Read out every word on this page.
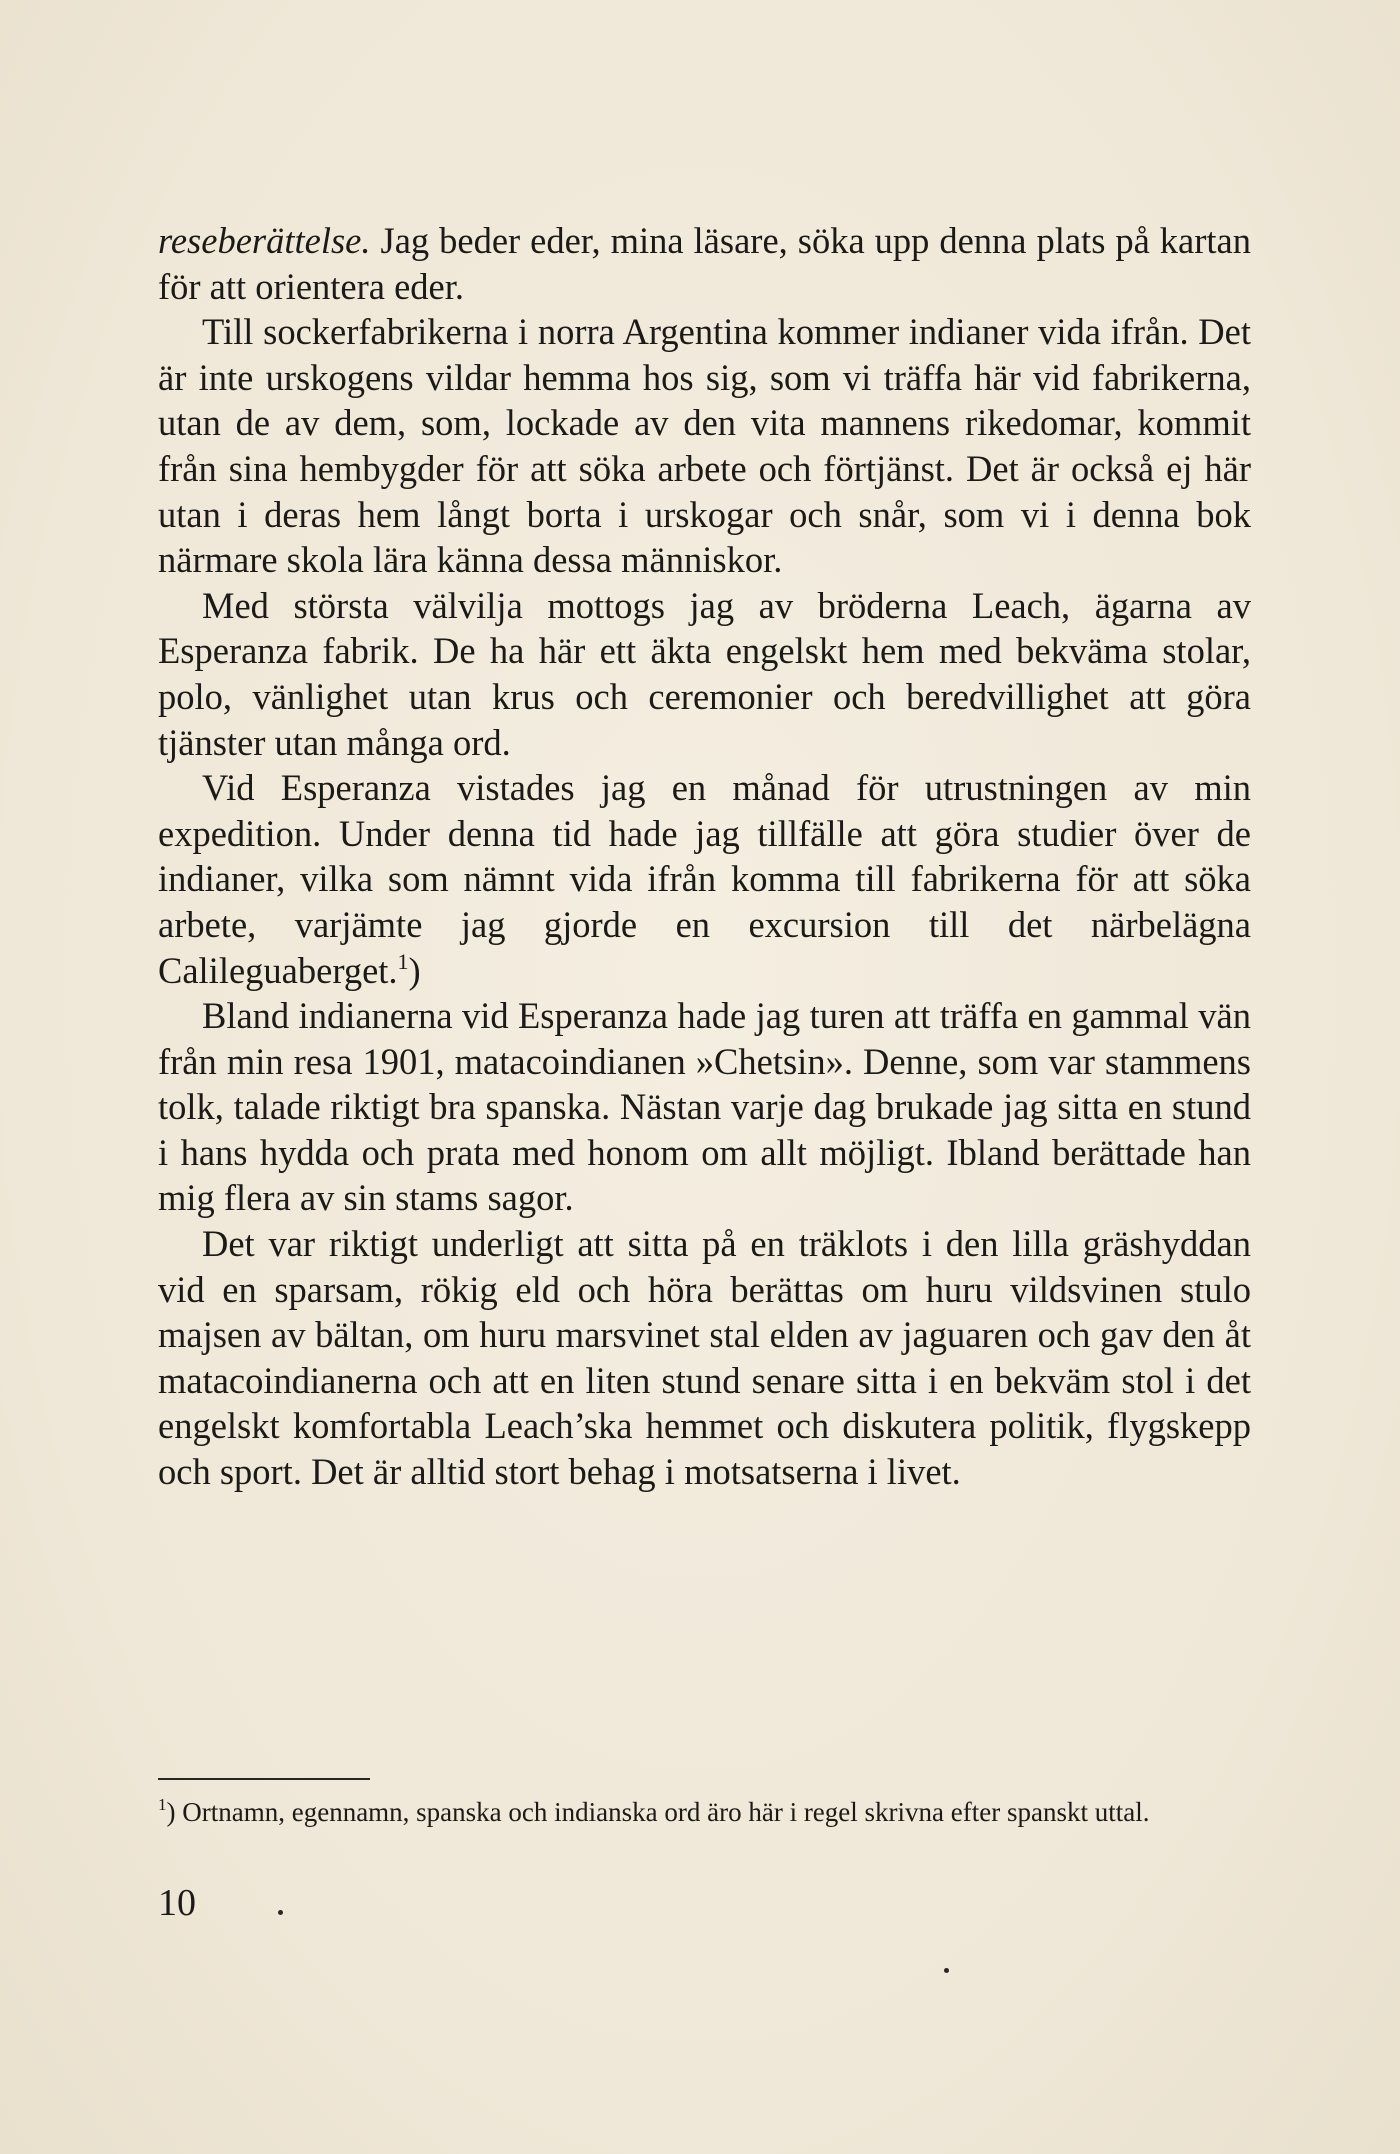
reseberättelse. Jag beder eder, mina läsare, söka upp denna plats på kartan för att orientera eder.

Till sockerfabrikerna i norra Argentina kommer indianer vida ifrån. Det är inte urskogens vildar hemma hos sig, som vi träffa här vid fabrikerna, utan de av dem, som, lockade av den vita mannens rikedomar, kommit från sina hembygder för att söka arbete och förtjänst. Det är också ej här utan i deras hem långt borta i urskogar och snår, som vi i denna bok närmare skola lära känna dessa människor.

Med största välvilja mottogs jag av bröderna Leach, ägarna av Esperanza fabrik. De ha här ett äkta engelskt hem med bekväma stolar, polo, vänlighet utan krus och ceremonier och beredvillighet att göra tjänster utan många ord.

Vid Esperanza vistades jag en månad för utrustningen av min expedition. Under denna tid hade jag tillfälle att göra studier över de indianer, vilka som nämnt vida ifrån komma till fabrikerna för att söka arbete, varjämte jag gjorde en excursion till det närbelägna Calileguaberget.$^1$)

Bland indianerna vid Esperanza hade jag turen att träffa en gammal vän från min resa 1901, matacoindianen »Chetsin». Denne, som var stammens tolk, talade riktigt bra spanska. Nästan varje dag brukade jag sitta en stund i hans hydda och prata med honom om allt möjligt. Ibland berättade han mig flera av sin stams sagor.

Det var riktigt underligt att sitta på en träklots i den lilla gräshyddan vid en sparsam, rökig eld och höra berättas om huru vildsvinen stulo majsen av bältan, om huru marsvinet stal elden av jaguaren och gav den åt matacoindianerna och att en liten stund senare sitta i en bekväm stol i det engelskt komfortabla Leach’ska hemmet och diskutera politik, flygskepp och sport. Det är alltid stort behag i motsatserna i livet.

$^1$) Ortnamn, egennamn, spanska och indianska ord äro här i regel skrivna efter spanskt uttal.
10
